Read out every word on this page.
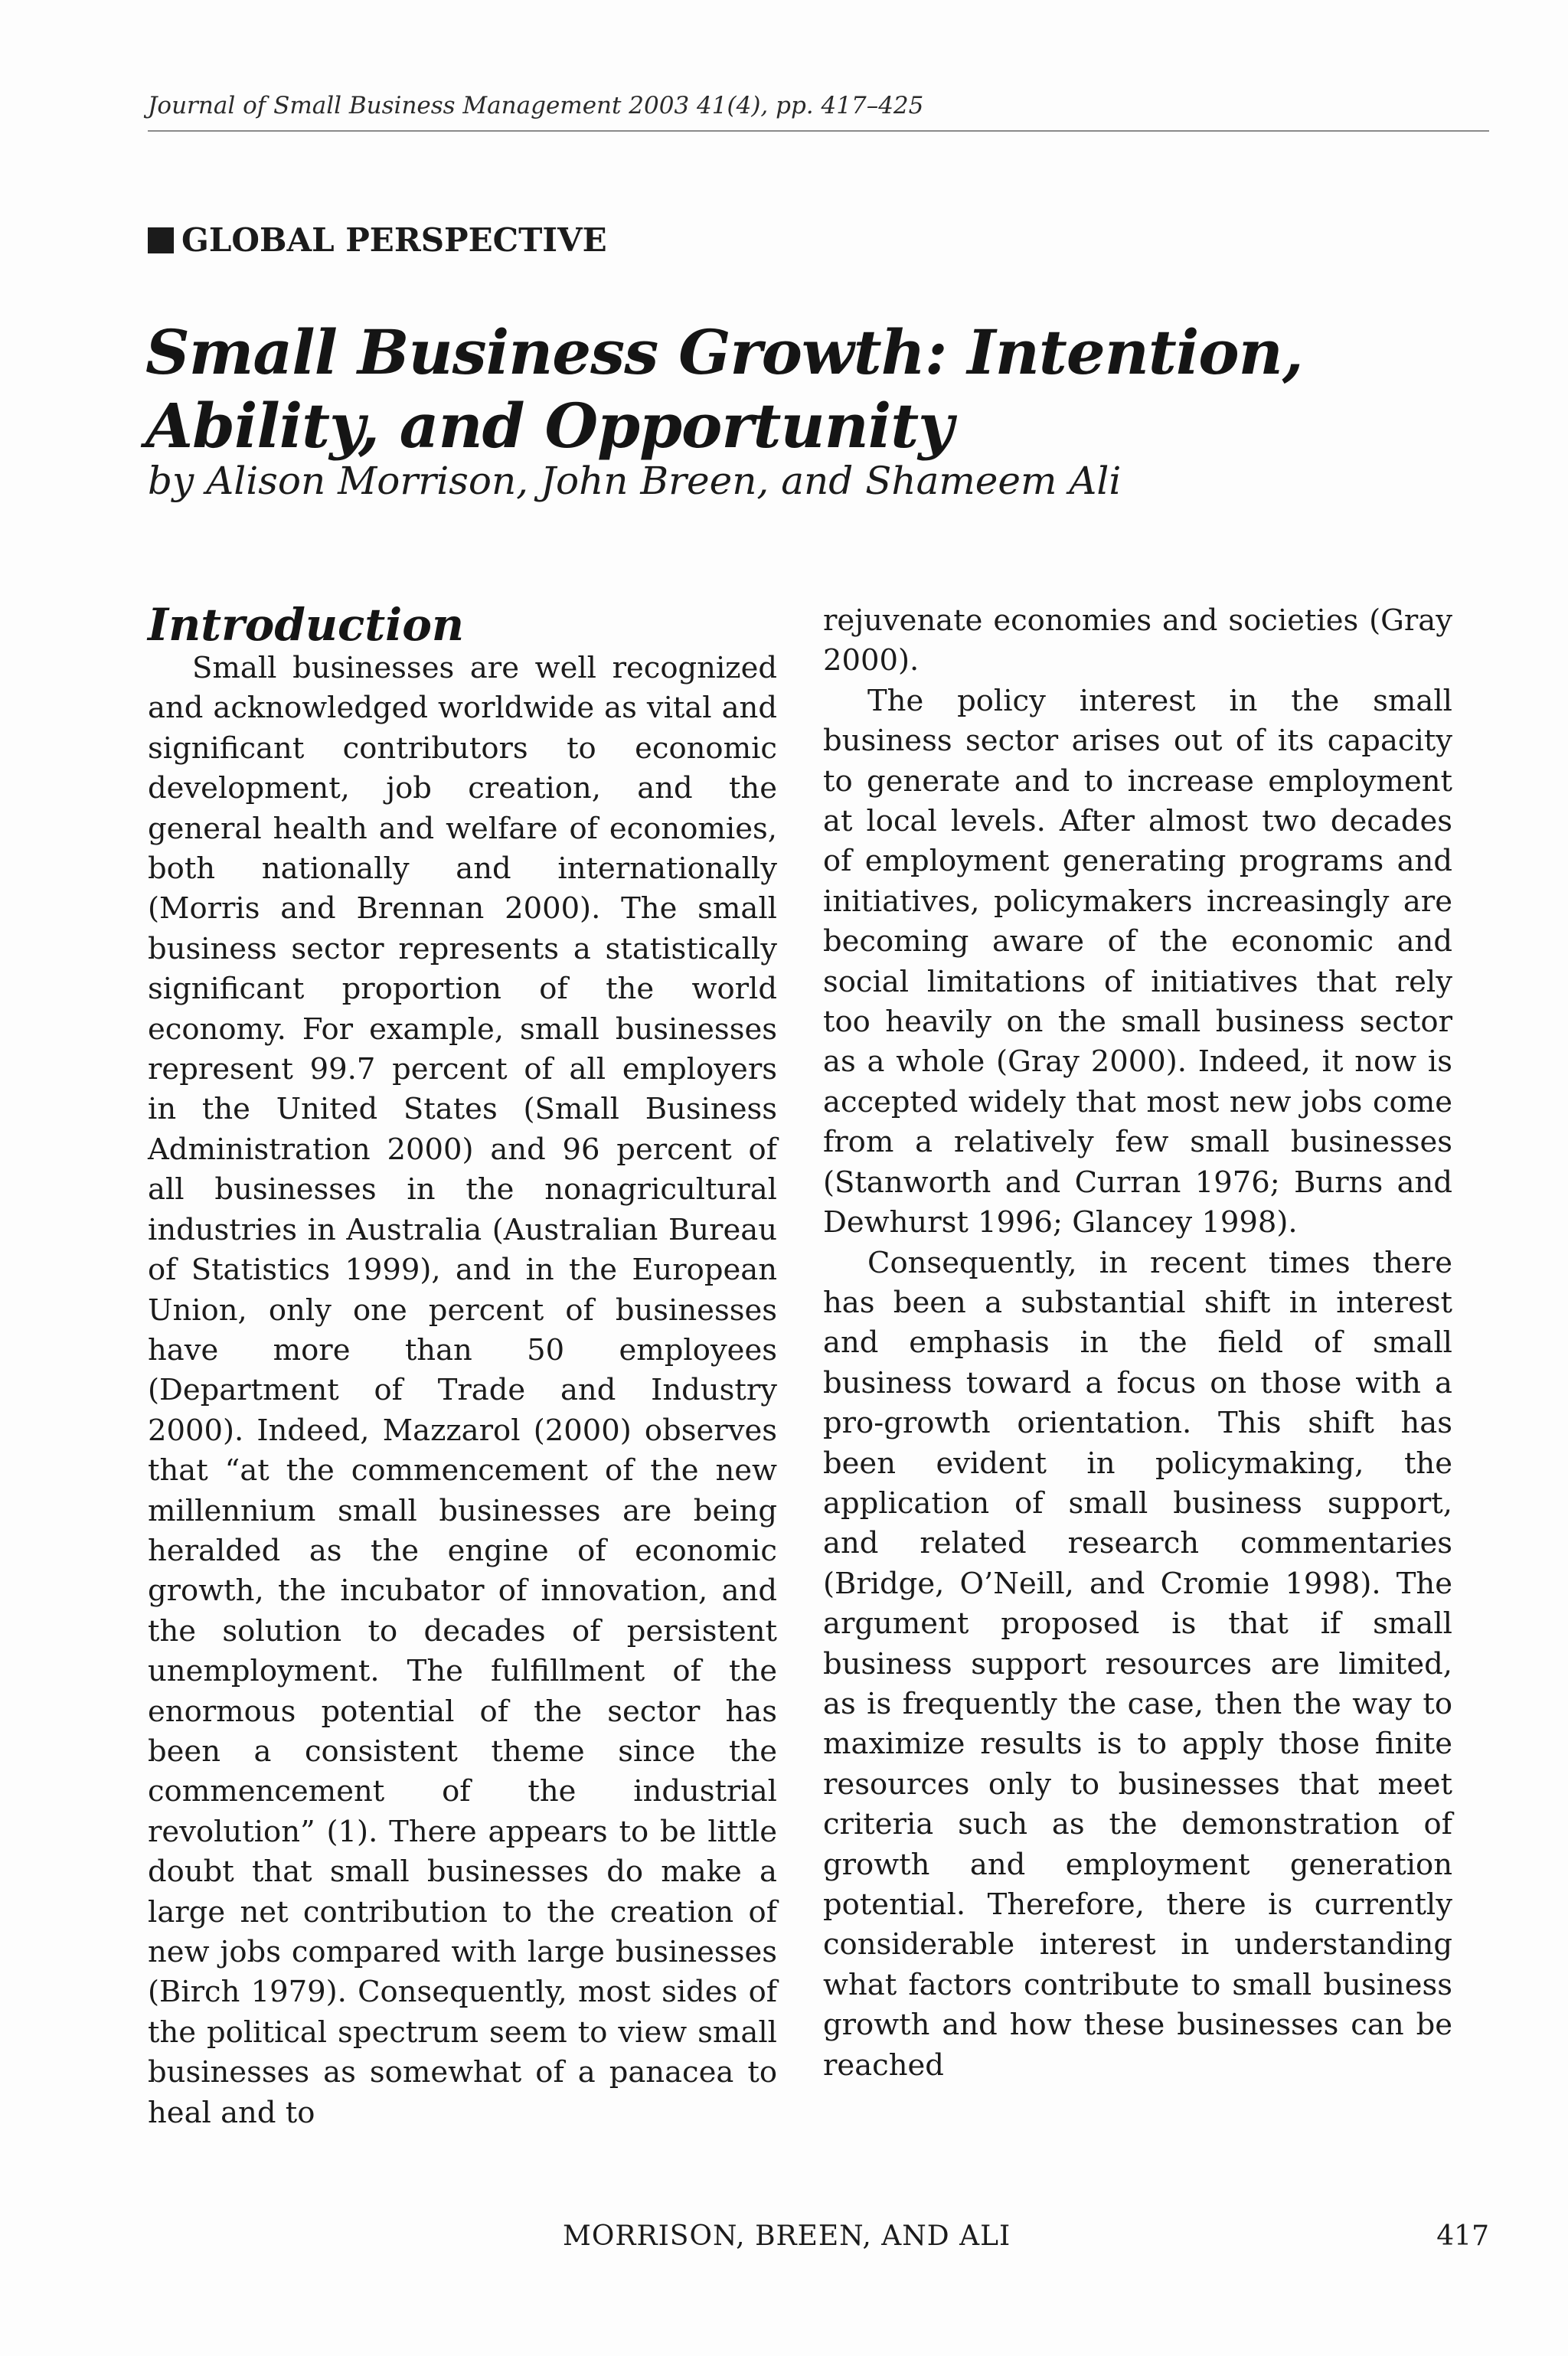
Journal of Small Business Management 2003 41(4), pp. 417–425
GLOBAL PERSPECTIVE
Small Business Growth: Intention,
Ability, and Opportunity
by Alison Morrison, John Breen, and Shameem Ali
Introduction

Small businesses are well recognized and acknowledged worldwide as vital and significant contributors to economic development, job creation, and the general health and welfare of economies, both nationally and internationally (Morris and Brennan 2000). The small business sector represents a statistically significant proportion of the world economy. For example, small businesses represent 99.7 percent of all employers in the United States (Small Business Administration 2000) and 96 percent of all businesses in the nonagricultural industries in Australia (Australian Bureau of Statistics 1999), and in the European Union, only one percent of businesses have more than 50 employees (Department of Trade and Industry 2000). Indeed, Mazzarol (2000) observes that “at the commencement of the new millennium small businesses are being heralded as the engine of economic growth, the incubator of innovation, and the solution to decades of persistent unemployment. The fulfillment of the enormous potential of the sector has been a consistent theme since the commencement of the industrial revolution” (1). There appears to be little doubt that small businesses do make a large net contribution to the creation of new jobs compared with large businesses (Birch 1979). Consequently, most sides of the political spectrum seem to view small businesses as somewhat of a panacea to heal and to

rejuvenate economies and societies (Gray 2000).

The policy interest in the small business sector arises out of its capacity to generate and to increase employment at local levels. After almost two decades of employment generating programs and initiatives, policymakers increasingly are becoming aware of the economic and social limitations of initiatives that rely too heavily on the small business sector as a whole (Gray 2000). Indeed, it now is accepted widely that most new jobs come from a relatively few small businesses (Stanworth and Curran 1976; Burns and Dewhurst 1996; Glancey 1998).

Consequently, in recent times there has been a substantial shift in interest and emphasis in the field of small business toward a focus on those with a pro-growth orientation. This shift has been evident in policymaking, the application of small business support, and related research commentaries (Bridge, O’Neill, and Cromie 1998). The argument proposed is that if small business support resources are limited, as is frequently the case, then the way to maximize results is to apply those finite resources only to businesses that meet criteria such as the demonstration of growth and employment generation potential. Therefore, there is currently considerable interest in understanding what factors contribute to small business growth and how these businesses can be reached

MORRISON, BREEN, AND ALI	417
